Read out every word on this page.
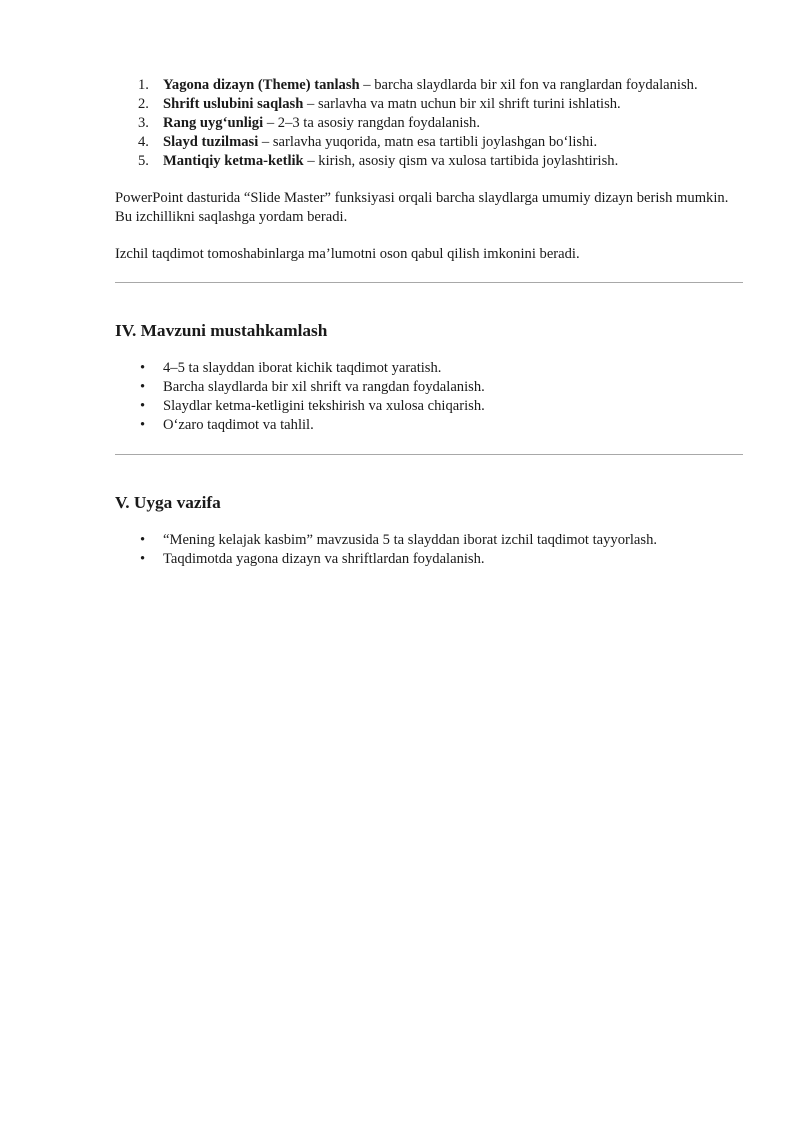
1. Yagona dizayn (Theme) tanlash – barcha slaydlarda bir xil fon va ranglardan foydalanish.
2. Shrift uslubini saqlash – sarlavha va matn uchun bir xil shrift turini ishlatish.
3. Rang uyg‘unligi – 2–3 ta asosiy rangdan foydalanish.
4. Slayd tuzilmasi – sarlavha yuqorida, matn esa tartibli joylashgan bo‘lishi.
5. Mantiqiy ketma-ketlik – kirish, asosiy qism va xulosa tartibida joylashtirish.

PowerPoint dasturida “Slide Master” funksiyasi orqali barcha slaydlarga umumiy dizayn berish mumkin. Bu izchillikni saqlashga yordam beradi.

Izchil taqdimot tomoshabinlarga ma’lumotni oson qabul qilish imkonini beradi.

IV. Mavzuni mustahkamlash
• 4–5 ta slayddan iborat kichik taqdimot yaratish.
• Barcha slaydlarda bir xil shrift va rangdan foydalanish.
• Slaydlar ketma-ketligini tekshirish va xulosa chiqarish.
• O‘zaro taqdimot va tahlil.
V. Uyga vazifa
• “Mening kelajak kasbim” mavzusida 5 ta slayddan iborat izchil taqdimot tayyorlash.
• Taqdimotda yagona dizayn va shriftlardan foydalanish.
